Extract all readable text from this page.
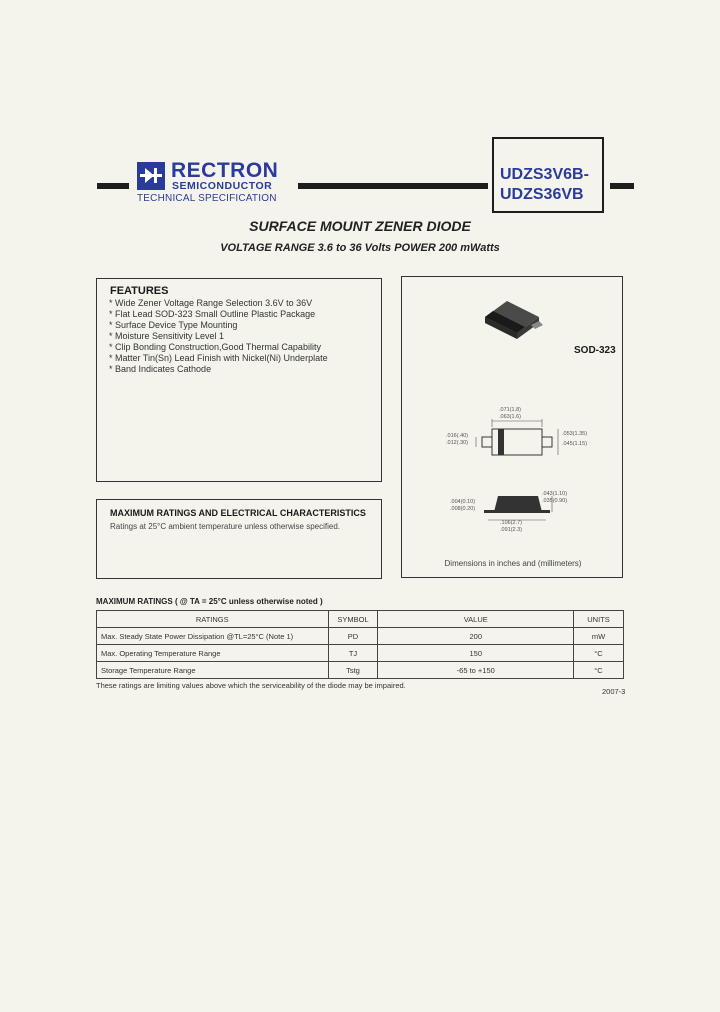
RECTRON
SEMICONDUCTOR
TECHNICAL SPECIFICATION
UDZS3V6B-
UDZS36VB
SURFACE MOUNT ZENER DIODE
VOLTAGE RANGE 3.6 to 36 Volts POWER 200 mWatts
FEATURES
* Wide Zener Voltage Range Selection 3.6V to 36V
* Flat Lead SOD-323 Small Outline Plastic Package
* Surface Device Type Mounting
* Moisture Sensitivity Level 1
* Clip Bonding Construction,Good Thermal Capability
* Matter Tin(Sn) Lead Finish with Nickel(Ni) Underplate
* Band Indicates Cathode
MAXIMUM RATINGS AND ELECTRICAL CHARACTERISTICS
Ratings at 25°C ambient temperature unless otherwise specified.
SOD-323
.071(1.8)
.063(1.6)
.016(.40)
.012(.30)
.053(1.35)
.045(1.15)
.043(1.10)
.035(0.90)
.004(0.10)
.008(0.20)
.106(2.7)
.091(2.3)
Dimensions in inches and (millimeters)
MAXIMUM RATINGS ( @ TA = 25°C unless otherwise noted )
RATINGS	SYMBOL	VALUE	UNITS
Max. Steady State Power Dissipation @TL=25°C (Note 1)	PD	200	mW
Max. Operating Temperature Range	TJ	150	°C
Storage Temperature Range	Tstg	-65 to +150	°C
These ratings are limiting values above which the serviceability of the diode may be impaired.
2007-3
